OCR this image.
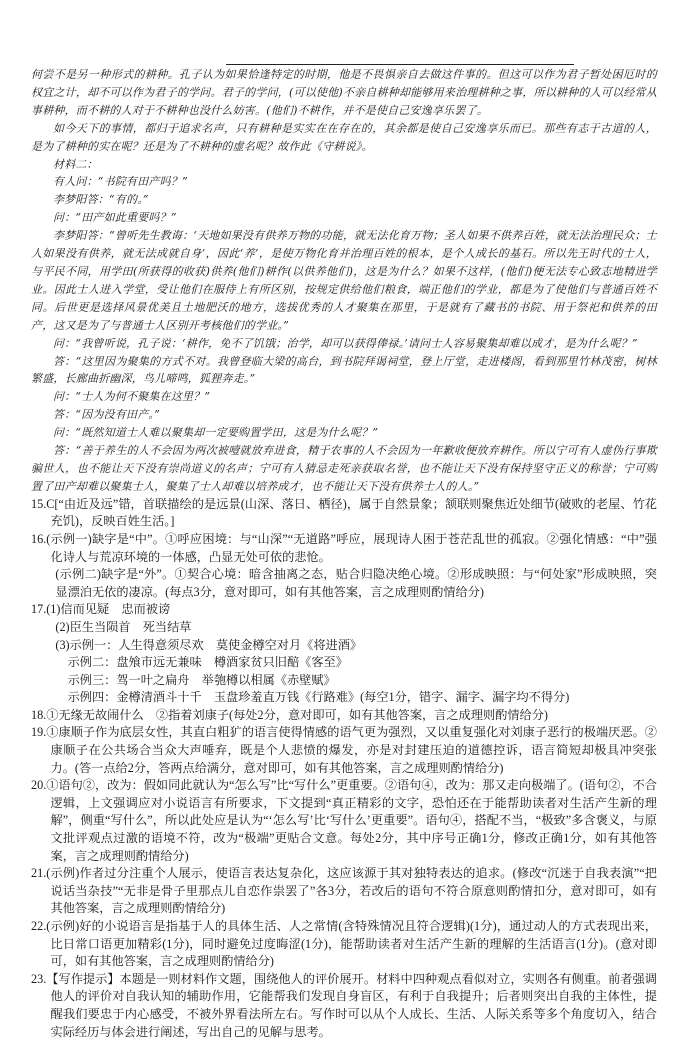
何尝不是另一种形式的耕种。孔子认为如果恰逢特定的时期，他是不畏惧亲自去做这件事的。但这可以作为君子暂处困厄时的权宜之计，却不可以作为君子的学问。君子的学问，(可以使他)不亲自耕种却能够用来治理耕种之事，所以耕种的人可以经常从事耕种，而不耕的人对于不耕种也没什么妨害。(他们)不耕作，并不是使自己安逸享乐罢了。

如今天下的事情，都归于追求名声，只有耕种是实实在在存在的，其余都是使自己安逸享乐而已。那些有志于古道的人，是为了耕种的实在呢？还是为了不耕种的虚名呢？故作此《守耕说》。

材料二：

有人问：“书院有田产吗？”

李梦阳答：“有的。”

问：“田产如此重要吗？”

李梦阳答：“曾听先生教诲：‘天地如果没有供养万物的功能，就无法化育万物；圣人如果不供养百姓，就无法治理民众；士人如果没有供养，就无法成就自身’，因此‘养’，是使万物化育并治理百姓的根本，是个人成长的基石。所以先王时代的士人，与平民不同，用学田(所获得的收获)供养(他们)耕作(以供养他们)，这是为什么？如果不这样，(他们)便无法专心致志地精进学业。因此士人进入学堂，受让他们在服侍上有所区别，按规定供给他们粮食，端正他们的学业，都是为了使他们与普通百姓不同。后世更是选择风景优美且土地肥沃的地方，选拔优秀的人才聚集在那里，于是就有了藏书的书院、用于祭祀和供养的田产，这又是为了与普通士人区别开考核他们的学业。”

问：“我曾听说，孔子说：‘耕作，免不了饥饿；治学，却可以获得俸禄。’请问士人容易聚集却难以成才，是为什么呢？”

答：“这里因为聚集的方式不对。我曾登临大梁的高台，到书院拜谒祠堂，登上厅堂，走进楼阁，看到那里竹林茂密，树林繁盛，长廊曲折幽深，鸟儿啼鸣，狐狸奔走。”

问：“士人为何不聚集在这里？”

答：“因为没有田产。”

问：“既然知道士人难以聚集却一定要购置学田，这是为什么呢？”

答：“善于养生的人不会因为两次被噎就放弃进食，精于农事的人不会因为一年歉收便放弃耕作。所以宁可有人虚伪行事欺骗世人，也不能让天下没有崇尚道义的名声；宁可有人猜忌走死亲获取名誉，也不能让天下没有保持坚守正义的称誉；宁可购置了田产却难以聚集士人，聚集了士人却难以培养成才，也不能让天下没有供养士人的人。”

15.C[“由近及远”错，首联描绘的是远景(山深、落日、栖径)，属于自然景象；颔联则聚焦近处细节(破败的老屋、竹花充饥)，反映百姓生活。]

16.(示例一)缺字是“中”。①呼应困境：与“山深”“无道路”呼应，展现诗人困于苍茫乱世的孤寂。②强化情感：“中”强化诗人与荒凉环境的一体感，凸显无处可依的悲怆。

(示例二)缺字是“外”。①契合心境：暗含抽离之态，贴合归隐决绝心境。②形成映照：与“何处家”形成映照，突显漂泊无依的凄凉。(每点3分，意对即可，如有其他答案，言之成理则酌情给分)

17.(1)信而见疑　忠而被谤

(2)臣生当陨首　死当结草

(3)示例一：人生得意须尽欢　莫使金樽空对月《将进酒》

示例二：盘飧市远无兼味　樽酒家贫只旧醅《客至》

示例三：驾一叶之扁舟　举匏樽以相属《赤壁赋》

示例四：金樽清酒斗十千　玉盘珍羞直万钱《行路难》(每空1分，错字、漏字、漏字均不得分)

18.①无缘无故闹什么　②指着刘康子(每处2分，意对即可，如有其他答案，言之成理则酌情给分)

19.①康顺子作为底层女性，其直白粗犷的语言使得情感的语气更为强烈，又以重复强化对刘康子恶行的极端厌恶。②康顺子在公共场合当众大声唾弃，既是个人悲愤的爆发，亦是对封建压迫的道德控诉，语言简短却极具冲突张力。(答一点给2分，答两点给满分，意对即可，如有其他答案，言之成理则酌情给分)

20.①语句②，改为：假如同此就认为“怎么写”比“写什么”更重要。②语句④，改为：那又走向极端了。(语句②，不合逻辑，上文强调应对小说语言有所要求，下文提到“真正精彩的文字，恐怕还在于能帮助读者对生活产生新的理解”，侧重“写什么”，所以此处应是认为“‘怎么写’比‘写什么’更重要”。语句④，搭配不当，“极致”多含褒义，与原文批评观点过激的语境不符，改为“极端”更贴合文意。每处2分，其中序号正确1分，修改正确1分，如有其他答案，言之成理则酌情给分)

21.(示例)作者过分注重个人展示，使语言表达复杂化，这应该源于其对独特表达的追求。(修改“沉迷于自我表演”“把说话当杂技”“无非是骨子里那点儿自恋作祟罢了”各3分，若改后的语句不符合原意则酌情扣分，意对即可，如有其他答案，言之成理则酌情给分)

22.(示例)好的小说语言是指基于人的具体生活、人之常情(含特殊情况且符合逻辑)(1分)，通过动人的方式表现出来，比日常口语更加精彩(1分)，同时避免过度晦涩(1分)，能帮助读者对生活产生新的理解的生活语言(1分)。(意对即可，如有其他答案，言之成理则酌情给分)

23.【写作提示】本题是一则材料作文题，围绕他人的评价展开。材料中四种观点看似对立，实则各有侧重。前者强调他人的评价对自我认知的辅助作用，它能帮我们发现自身盲区，有利于自我提升；后者则突出自我的主体性，提醒我们要忠于内心感受，不被外界看法所左右。写作时可以从个人成长、生活、人际关系等多个角度切入，结合实际经历与体会进行阐述，写出自己的见解与思考。
